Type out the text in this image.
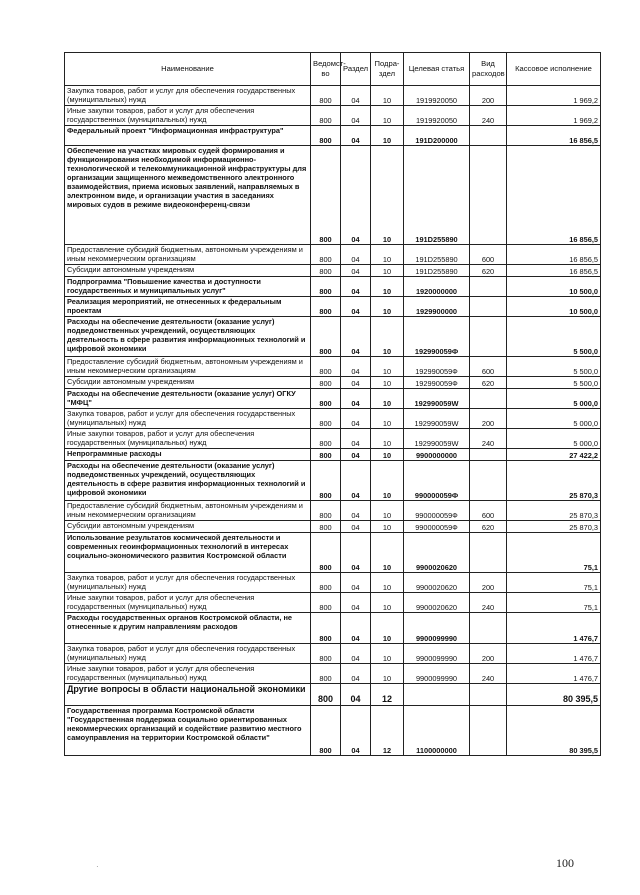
Наименование	Ведомст-во	Раздел	Подра-здел	Целевая статья	Вид расходов	Кассовое исполнение
Закупка товаров, работ и услуг для обеспечения государственных (муниципальных) нужд	800	04	10	1919920050	200	1 969,2
Иные закупки товаров, работ и услуг для обеспечения государственных (муниципальных) нужд	800	04	10	1919920050	240	1 969,2
Федеральный проект "Информационная инфраструктура"	800	04	10	191D200000		16 856,5
Обеспечение на участках мировых судей формирования и функционирования необходимой информационно-технологической и телекоммуникационной инфраструктуры для организации защищенного межведомственного электронного взаимодействия, приема исковых заявлений, направляемых в электронном виде, и организации участия в заседаниях мировых судов в режиме видеоконференц-связи	800	04	10	191D255890		16 856,5
Предоставление субсидий бюджетным, автономным учреждениям и иным некоммерческим организациям	800	04	10	191D255890	600	16 856,5
Субсидии автономным учреждениям	800	04	10	191D255890	620	16 856,5
Подпрограмма "Повышение качества и доступности государственных и муниципальных услуг"	800	04	10	1920000000		10 500,0
Реализация мероприятий, не отнесенных к федеральным проектам	800	04	10	1929900000		10 500,0
Расходы на обеспечение деятельности (оказание услуг) подведомственных учреждений, осуществляющих деятельность в сфере развития информационных технологий и цифровой экономики	800	04	10	192990059Ф		5 500,0
Предоставление субсидий бюджетным, автономным учреждениям и иным некоммерческим организациям	800	04	10	192990059Ф	600	5 500,0
Субсидии автономным учреждениям	800	04	10	192990059Ф	620	5 500,0
Расходы на обеспечение деятельности (оказание услуг) ОГКУ "МФЦ"	800	04	10	192990059W		5 000,0
Закупка товаров, работ и услуг для обеспечения государственных (муниципальных) нужд	800	04	10	192990059W	200	5 000,0
Иные закупки товаров, работ и услуг для обеспечения государственных (муниципальных) нужд	800	04	10	192990059W	240	5 000,0
Непрограммные расходы	800	04	10	9900000000		27 422,2
Расходы на обеспечение деятельности (оказание услуг) подведомственных учреждений, осуществляющих деятельность в сфере развития информационных технологий и цифровой экономики	800	04	10	990000059Ф		25 870,3
Предоставление субсидий бюджетным, автономным учреждениям и иным некоммерческим организациям	800	04	10	990000059Ф	600	25 870,3
Субсидии автономным учреждениям	800	04	10	990000059Ф	620	25 870,3
Использование результатов космической деятельности и современных геоинформационных технологий в интересах социально-экономического развития Костромской области	800	04	10	9900020620		75,1
Закупка товаров, работ и услуг для обеспечения государственных (муниципальных) нужд	800	04	10	9900020620	200	75,1
Иные закупки товаров, работ и услуг для обеспечения государственных (муниципальных) нужд	800	04	10	9900020620	240	75,1
Расходы государственных органов Костромской области, не отнесенные к другим направлениям расходов	800	04	10	9900099990		1 476,7
Закупка товаров, работ и услуг для обеспечения государственных (муниципальных) нужд	800	04	10	9900099990	200	1 476,7
Иные закупки товаров, работ и услуг для обеспечения государственных (муниципальных) нужд	800	04	10	9900099990	240	1 476,7
Другие вопросы в области национальной экономики	800	04	12			80 395,5
Государственная программа Костромской области "Государственная поддержка социально ориентированных некоммерческих организаций и содействие развитию местного самоуправления на территории Костромской области"	800	04	12	1100000000		80 395,5
·	100
